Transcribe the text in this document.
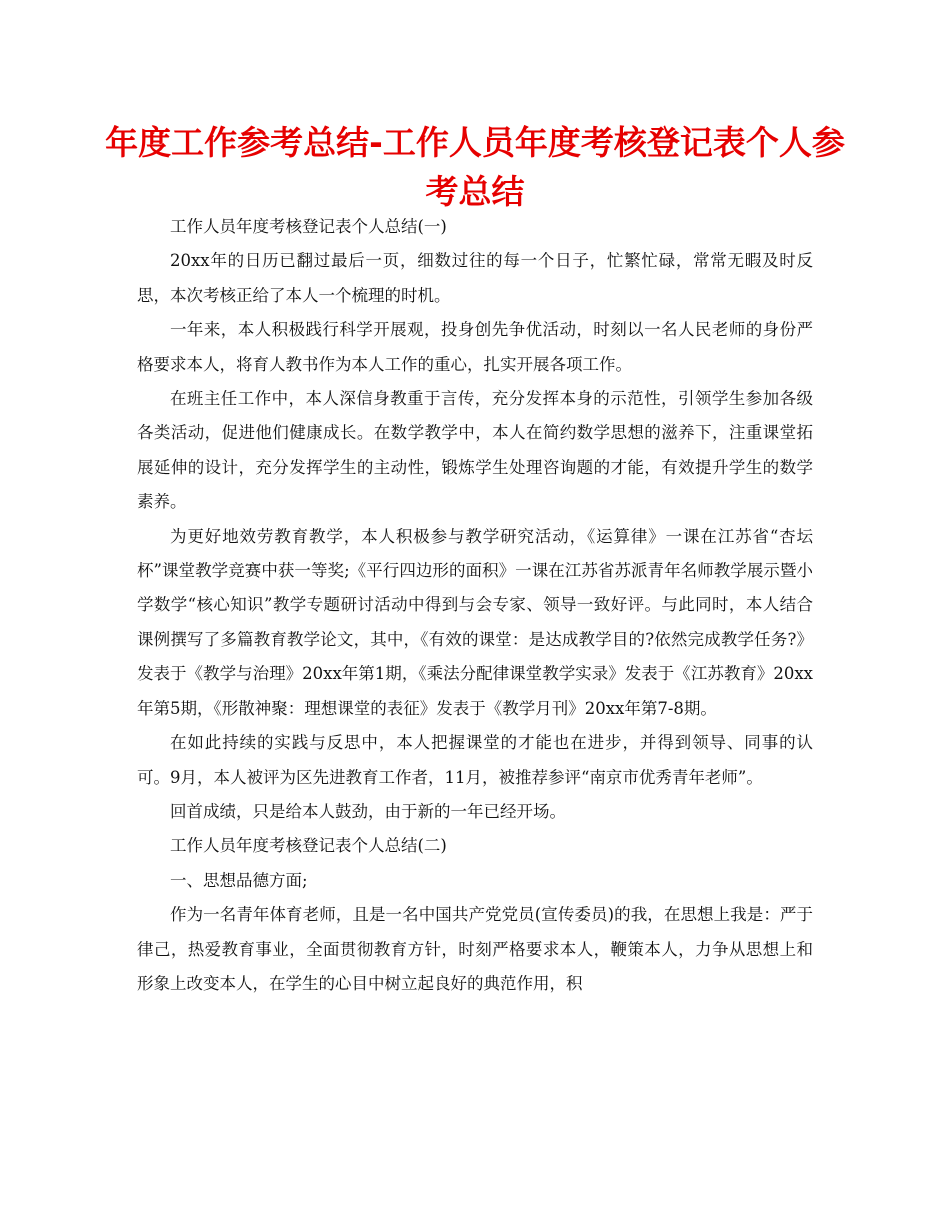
年度工作参考总结-工作人员年度考核登记表个人参考总结

工作人员年度考核登记表个人总结(一)

20xx年的日历已翻过最后一页，细数过往的每一个日子，忙繁忙碌，常常无暇及时反思，本次考核正给了本人一个梳理的时机。

一年来，本人积极践行科学开展观，投身创先争优活动，时刻以一名人民老师的身份严格要求本人，将育人教书作为本人工作的重心，扎实开展各项工作。

在班主任工作中，本人深信身教重于言传，充分发挥本身的示范性，引领学生参加各级各类活动，促进他们健康成长。在数学教学中，本人在简约数学思想的滋养下，注重课堂拓展延伸的设计，充分发挥学生的主动性，锻炼学生处理咨询题的才能，有效提升学生的数学素养。

为更好地效劳教育教学，本人积极参与教学研究活动，《运算律》一课在江苏省“杏坛杯”课堂教学竞赛中获一等奖;《平行四边形的面积》一课在江苏省苏派青年名师教学展示暨小学数学“核心知识”教学专题研讨活动中得到与会专家、领导一致好评。与此同时，本人结合课例撰写了多篇教育教学论文，其中，《有效的课堂：是达成教学目的?依然完成教学任务?》发表于《教学与治理》20xx年第1期，《乘法分配律课堂教学实录》发表于《江苏教育》20xx年第5期，《形散神聚：理想课堂的表征》发表于《教学月刊》20xx年第7-8期。

在如此持续的实践与反思中，本人把握课堂的才能也在进步，并得到领导、同事的认可。9月，本人被评为区先进教育工作者，11月，被推荐参评“南京市优秀青年老师”。

回首成绩，只是给本人鼓劲，由于新的一年已经开场。

工作人员年度考核登记表个人总结(二)

一、思想品德方面;

作为一名青年体育老师，且是一名中国共产党党员(宣传委员)的我，在思想上我是：严于律己，热爱教育事业，全面贯彻教育方针，时刻严格要求本人，鞭策本人，力争从思想上和形象上改变本人，在学生的心目中树立起良好的典范作用，积
